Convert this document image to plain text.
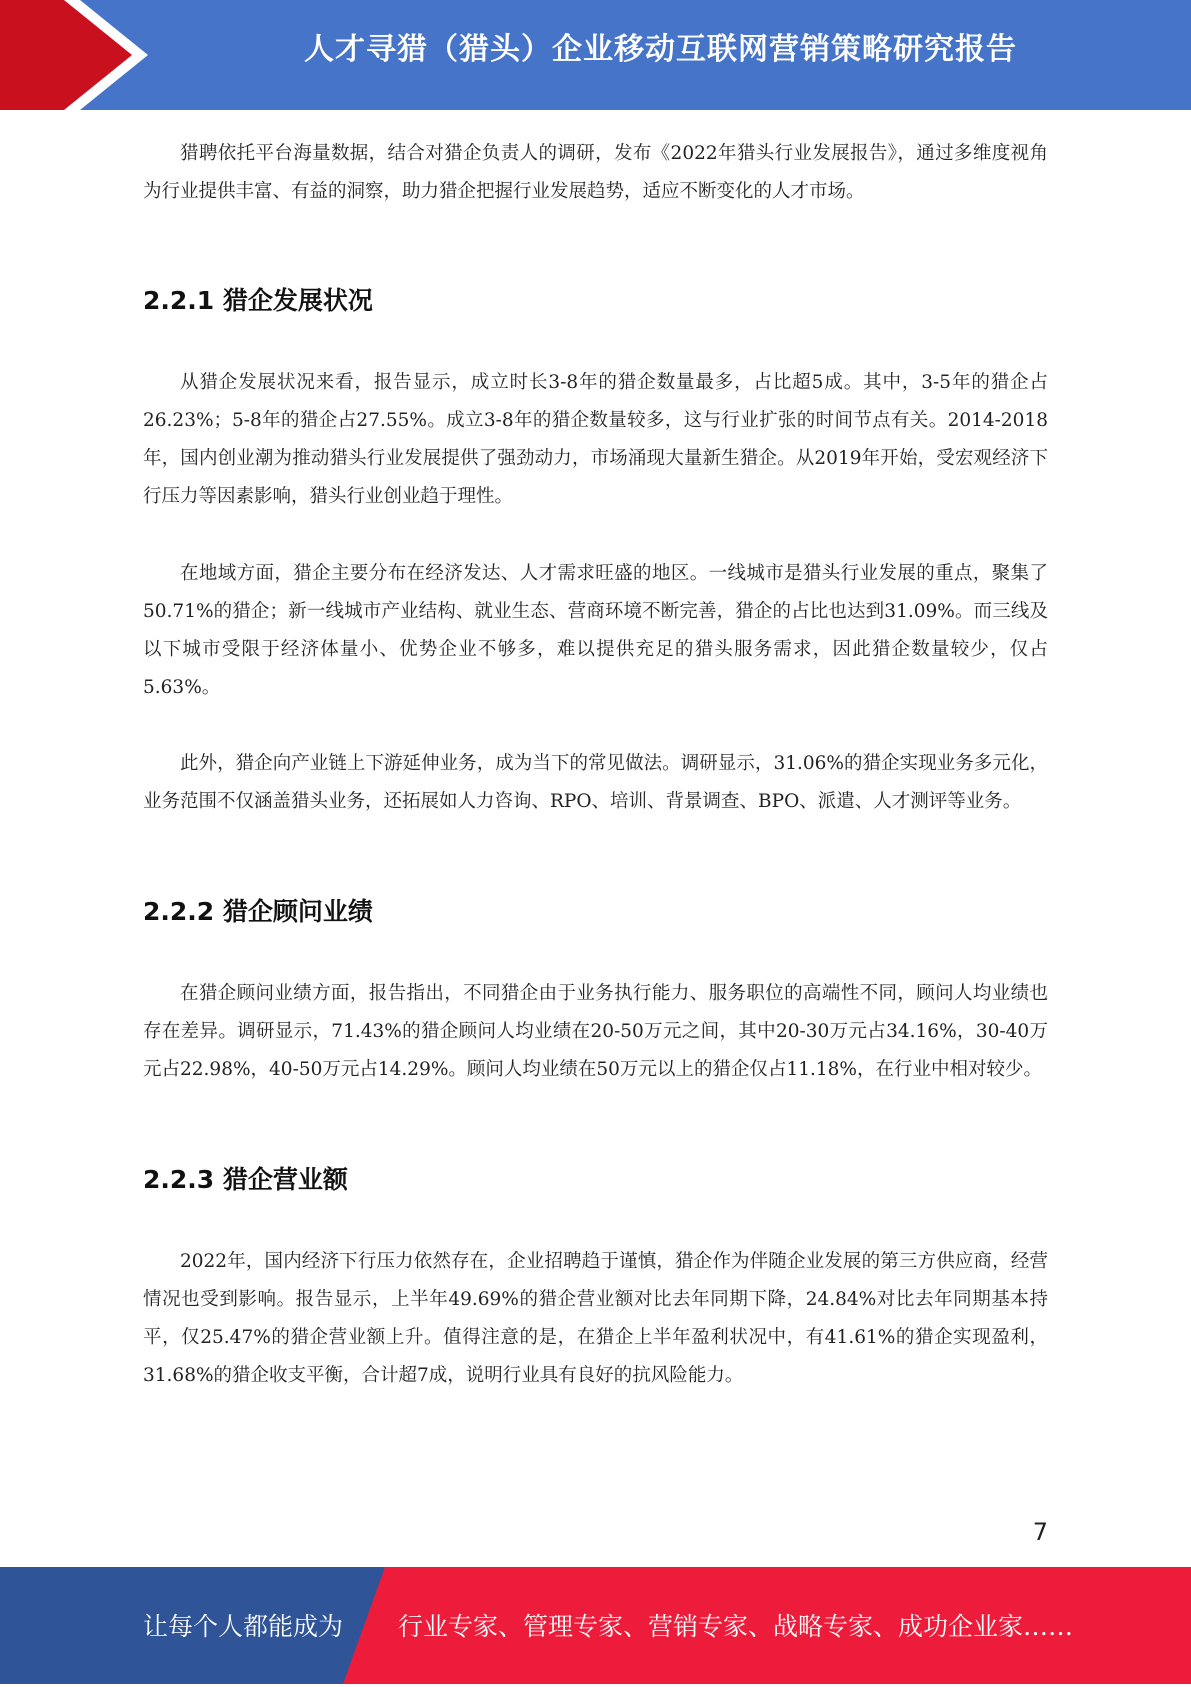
人才寻猎（猎头）企业移动互联网营销策略研究报告

猎聘依托平台海量数据，结合对猎企负责人的调研，发布《2022年猎头行业发展报告》，通过多维度视角为行业提供丰富、有益的洞察，助力猎企把握行业发展趋势，适应不断变化的人才市场。

2.2.1 猎企发展状况

从猎企发展状况来看，报告显示，成立时长3-8年的猎企数量最多，占比超5成。其中，3-5年的猎企占26.23%；5-8年的猎企占27.55%。成立3-8年的猎企数量较多，这与行业扩张的时间节点有关。2014-2018年，国内创业潮为推动猎头行业发展提供了强劲动力，市场涌现大量新生猎企。从2019年开始，受宏观经济下行压力等因素影响，猎头行业创业趋于理性。

在地域方面，猎企主要分布在经济发达、人才需求旺盛的地区。一线城市是猎头行业发展的重点，聚集了50.71%的猎企；新一线城市产业结构、就业生态、营商环境不断完善，猎企的占比也达到31.09%。而三线及以下城市受限于经济体量小、优势企业不够多，难以提供充足的猎头服务需求，因此猎企数量较少，仅占5.63%。

此外，猎企向产业链上下游延伸业务，成为当下的常见做法。调研显示，31.06%的猎企实现业务多元化，业务范围不仅涵盖猎头业务，还拓展如人力咨询、RPO、培训、背景调查、BPO、派遣、人才测评等业务。

2.2.2 猎企顾问业绩

在猎企顾问业绩方面，报告指出，不同猎企由于业务执行能力、服务职位的高端性不同，顾问人均业绩也存在差异。调研显示，71.43%的猎企顾问人均业绩在20-50万元之间，其中20-30万元占34.16%，30-40万元占22.98%，40-50万元占14.29%。顾问人均业绩在50万元以上的猎企仅占11.18%，在行业中相对较少。

2.2.3 猎企营业额

2022年，国内经济下行压力依然存在，企业招聘趋于谨慎，猎企作为伴随企业发展的第三方供应商，经营情况也受到影响。报告显示，上半年49.69%的猎企营业额对比去年同期下降，24.84%对比去年同期基本持平，仅25.47%的猎企营业额上升。值得注意的是，在猎企上半年盈利状况中，有41.61%的猎企实现盈利，31.68%的猎企收支平衡，合计超7成，说明行业具有良好的抗风险能力。

7
让每个人都能成为 行业专家、管理专家、营销专家、战略专家、成功企业家……
